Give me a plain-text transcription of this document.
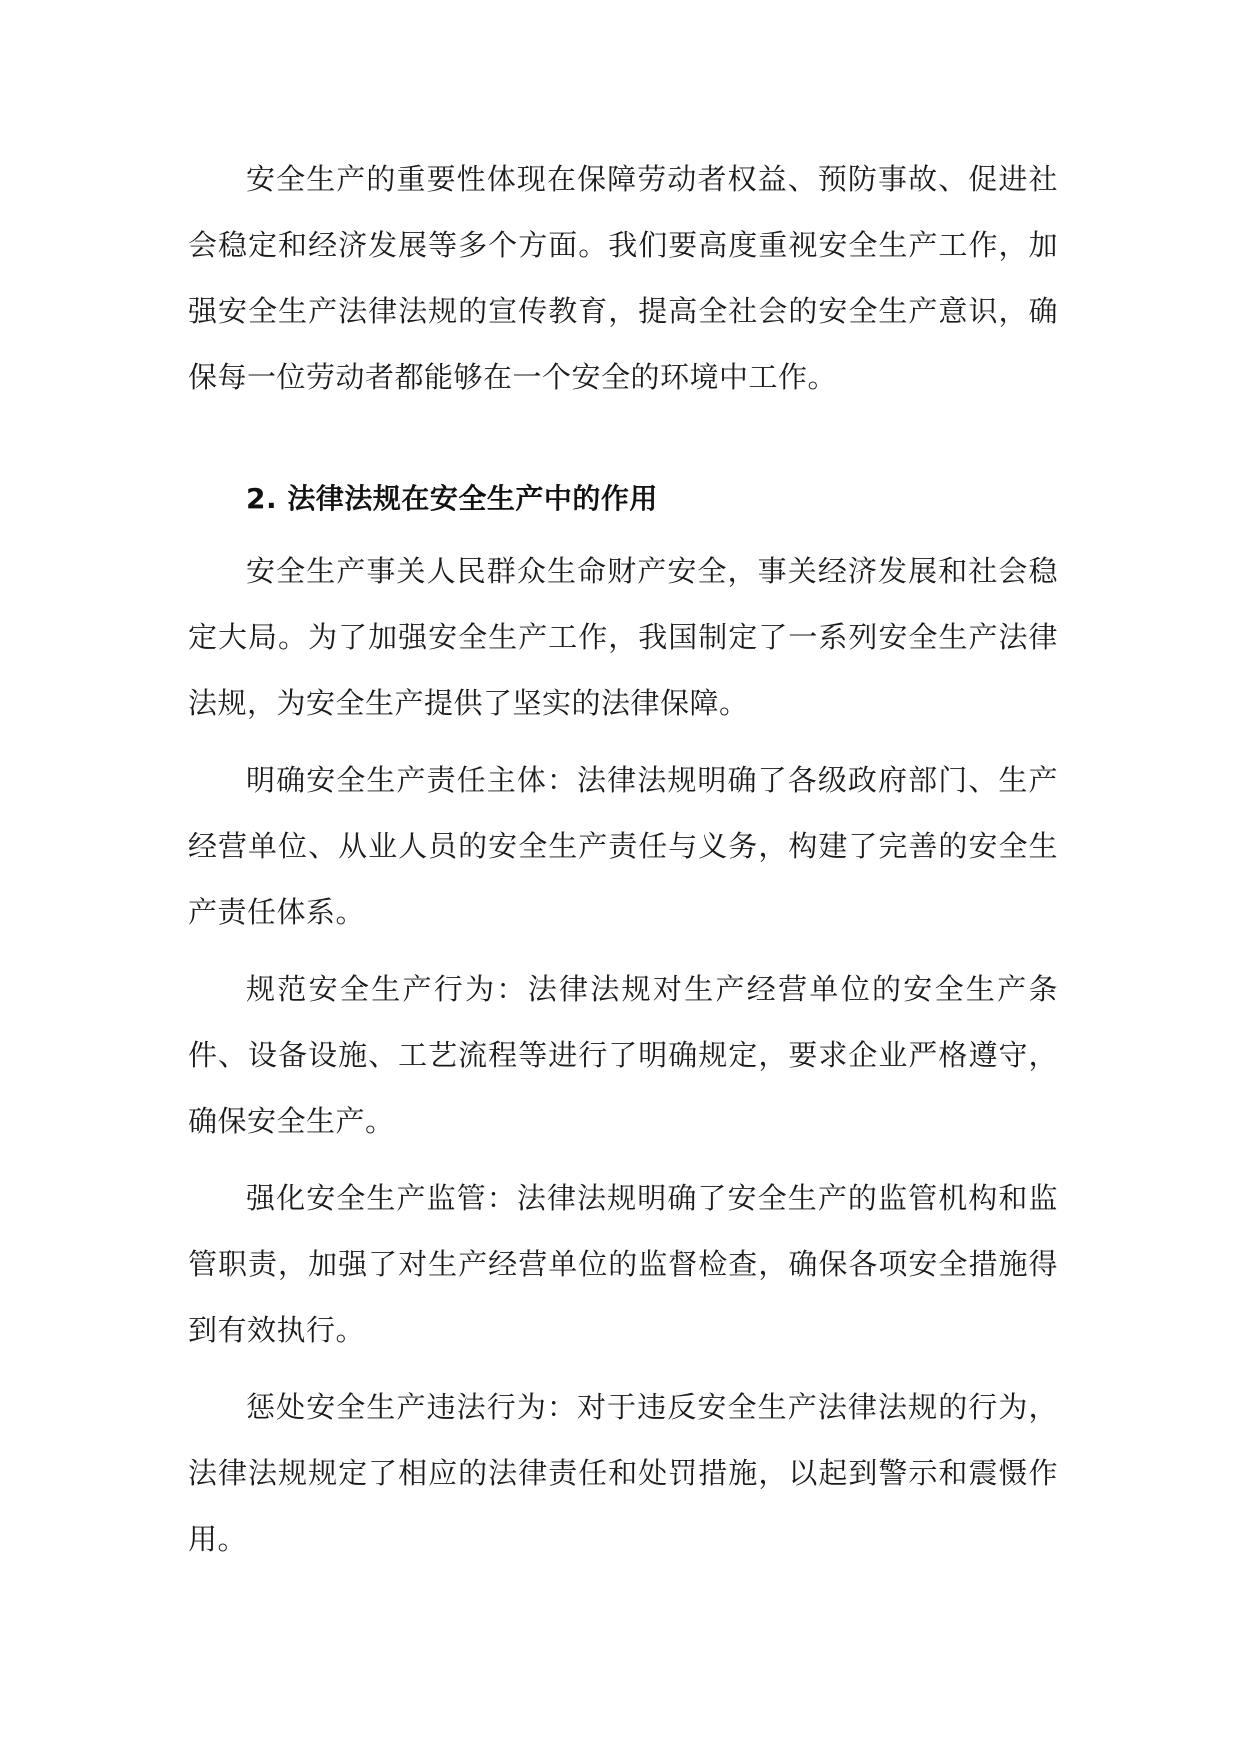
安全生产的重要性体现在保障劳动者权益、预防事故、促进社会稳定和经济发展等多个方面。我们要高度重视安全生产工作，加强安全生产法律法规的宣传教育，提高全社会的安全生产意识，确保每一位劳动者都能够在一个安全的环境中工作。

2. 法律法规在安全生产中的作用

安全生产事关人民群众生命财产安全，事关经济发展和社会稳定大局。为了加强安全生产工作，我国制定了一系列安全生产法律法规，为安全生产提供了坚实的法律保障。

明确安全生产责任主体：法律法规明确了各级政府部门、生产经营单位、从业人员的安全生产责任与义务，构建了完善的安全生产责任体系。

规范安全生产行为：法律法规对生产经营单位的安全生产条件、设备设施、工艺流程等进行了明确规定，要求企业严格遵守，确保安全生产。

强化安全生产监管：法律法规明确了安全生产的监管机构和监管职责，加强了对生产经营单位的监督检查，确保各项安全措施得到有效执行。

惩处安全生产违法行为：对于违反安全生产法律法规的行为，法律法规规定了相应的法律责任和处罚措施，以起到警示和震慑作用。
